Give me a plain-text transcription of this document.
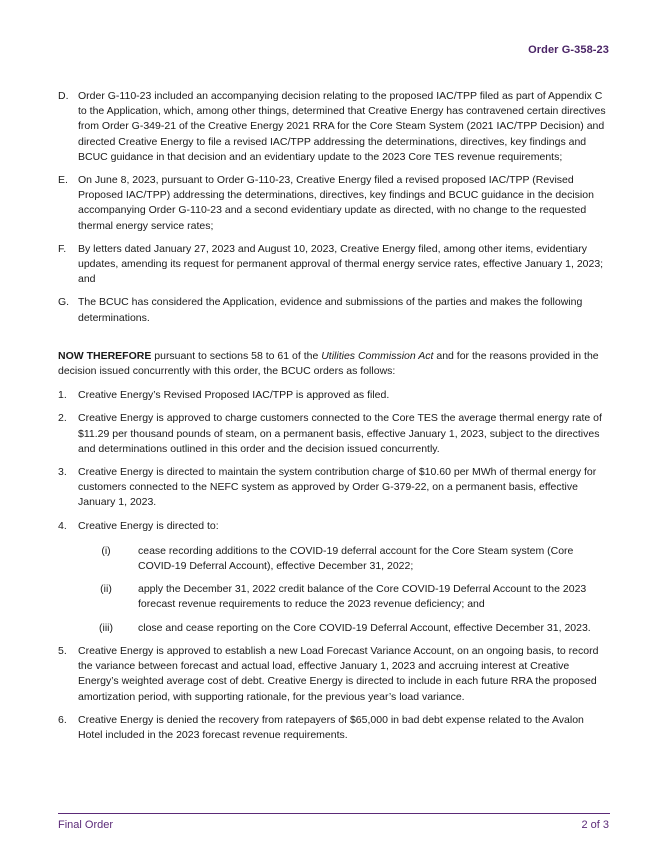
Order G-358-23
D. Order G-110-23 included an accompanying decision relating to the proposed IAC/TPP filed as part of Appendix C to the Application, which, among other things, determined that Creative Energy has contravened certain directives from Order G-349-21 of the Creative Energy 2021 RRA for the Core Steam System (2021 IAC/TPP Decision) and directed Creative Energy to file a revised IAC/TPP addressing the determinations, directives, key findings and BCUC guidance in that decision and an evidentiary update to the 2023 Core TES revenue requirements;
E. On June 8, 2023, pursuant to Order G-110-23, Creative Energy filed a revised proposed IAC/TPP (Revised Proposed IAC/TPP) addressing the determinations, directives, key findings and BCUC guidance in the decision accompanying Order G-110-23 and a second evidentiary update as directed, with no change to the requested thermal energy service rates;
F. By letters dated January 27, 2023 and August 10, 2023, Creative Energy filed, among other items, evidentiary updates, amending its request for permanent approval of thermal energy service rates, effective January 1, 2023; and
G. The BCUC has considered the Application, evidence and submissions of the parties and makes the following determinations.
NOW THEREFORE pursuant to sections 58 to 61 of the Utilities Commission Act and for the reasons provided in the decision issued concurrently with this order, the BCUC orders as follows:
1. Creative Energy’s Revised Proposed IAC/TPP is approved as filed.
2. Creative Energy is approved to charge customers connected to the Core TES the average thermal energy rate of $11.29 per thousand pounds of steam, on a permanent basis, effective January 1, 2023, subject to the directives and determinations outlined in this order and the decision issued concurrently.
3. Creative Energy is directed to maintain the system contribution charge of $10.60 per MWh of thermal energy for customers connected to the NEFC system as approved by Order G-379-22, on a permanent basis, effective January 1, 2023.
4. Creative Energy is directed to:
(i)	cease recording additions to the COVID-19 deferral account for the Core Steam system (Core COVID-19 Deferral Account), effective December 31, 2022;
(ii)	apply the December 31, 2022 credit balance of the Core COVID-19 Deferral Account to the 2023 forecast revenue requirements to reduce the 2023 revenue deficiency; and
(iii)	close and cease reporting on the Core COVID-19 Deferral Account, effective December 31, 2023.
5. Creative Energy is approved to establish a new Load Forecast Variance Account, on an ongoing basis, to record the variance between forecast and actual load, effective January 1, 2023 and accruing interest at Creative Energy’s weighted average cost of debt. Creative Energy is directed to include in each future RRA the proposed amortization period, with supporting rationale, for the previous year’s load variance.
6. Creative Energy is denied the recovery from ratepayers of $65,000 in bad debt expense related to the Avalon Hotel included in the 2023 forecast revenue requirements.
Final Order	2 of 3
